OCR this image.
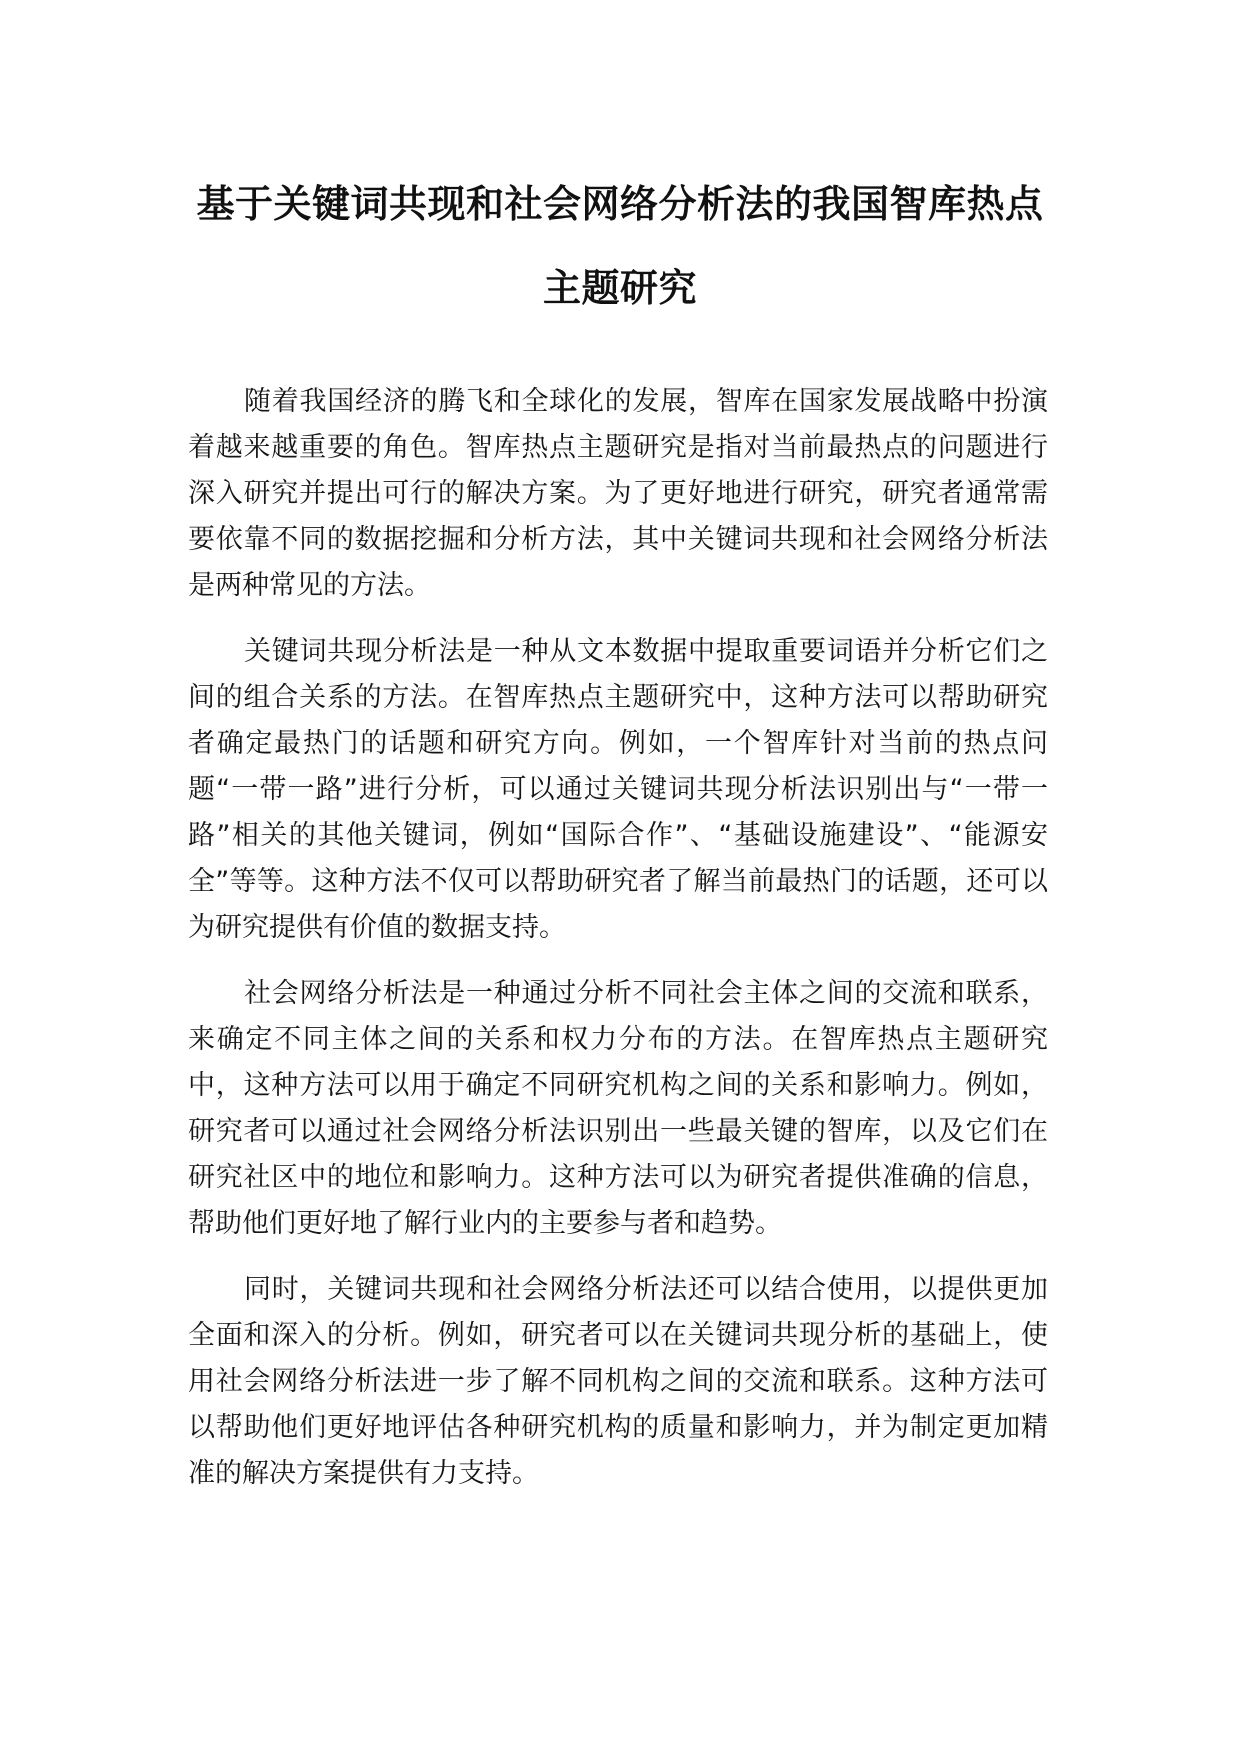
基于关键词共现和社会网络分析法的我国智库热点
主题研究

随着我国经济的腾飞和全球化的发展，智库在国家发展战略中扮演着越来越重要的角色。智库热点主题研究是指对当前最热点的问题进行深入研究并提出可行的解决方案。为了更好地进行研究，研究者通常需要依靠不同的数据挖掘和分析方法，其中关键词共现和社会网络分析法是两种常见的方法。

关键词共现分析法是一种从文本数据中提取重要词语并分析它们之间的组合关系的方法。在智库热点主题研究中，这种方法可以帮助研究者确定最热门的话题和研究方向。例如，一个智库针对当前的热点问题“一带一路”进行分析，可以通过关键词共现分析法识别出与“一带一路”相关的其他关键词，例如“国际合作”、“基础设施建设”、“能源安全”等等。这种方法不仅可以帮助研究者了解当前最热门的话题，还可以为研究提供有价值的数据支持。

社会网络分析法是一种通过分析不同社会主体之间的交流和联系，来确定不同主体之间的关系和权力分布的方法。在智库热点主题研究中，这种方法可以用于确定不同研究机构之间的关系和影响力。例如，研究者可以通过社会网络分析法识别出一些最关键的智库，以及它们在研究社区中的地位和影响力。这种方法可以为研究者提供准确的信息，帮助他们更好地了解行业内的主要参与者和趋势。

同时，关键词共现和社会网络分析法还可以结合使用，以提供更加全面和深入的分析。例如，研究者可以在关键词共现分析的基础上，使用社会网络分析法进一步了解不同机构之间的交流和联系。这种方法可以帮助他们更好地评估各种研究机构的质量和影响力，并为制定更加精准的解决方案提供有力支持。
